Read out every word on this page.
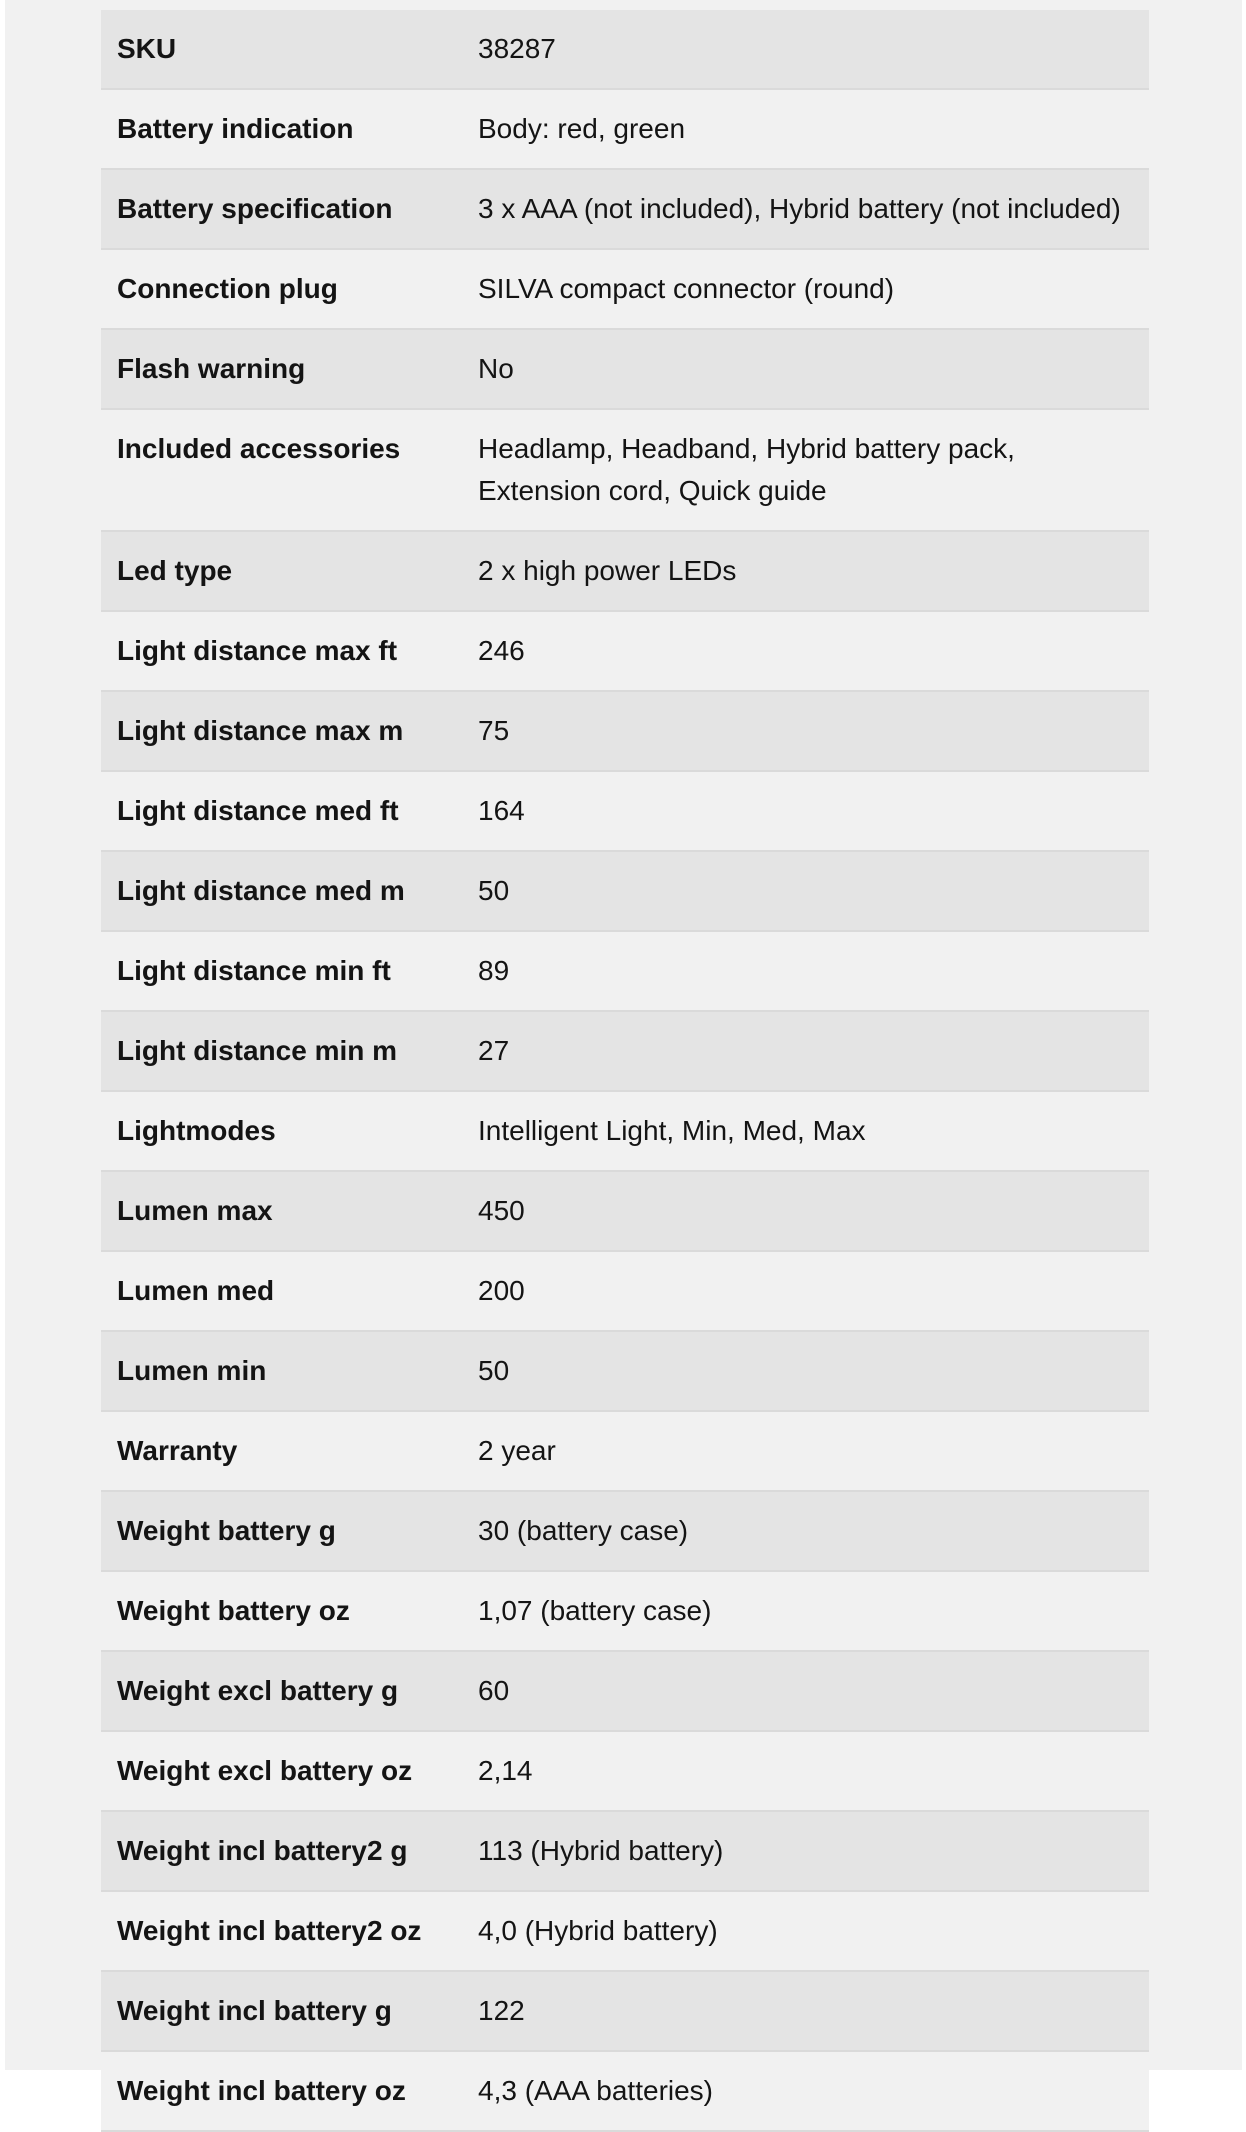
SKU	38287
Battery indication	Body: red, green
Battery specification	3 x AAA (not included), Hybrid battery (not included)
Connection plug	SILVA compact connector (round)
Flash warning	No
Included accessories	Headlamp, Headband, Hybrid battery pack, Extension cord, Quick guide
Led type	2 x high power LEDs
Light distance max ft	246
Light distance max m	75
Light distance med ft	164
Light distance med m	50
Light distance min ft	89
Light distance min m	27
Lightmodes	Intelligent Light, Min, Med, Max
Lumen max	450
Lumen med	200
Lumen min	50
Warranty	2 year
Weight battery g	30 (battery case)
Weight battery oz	1,07 (battery case)
Weight excl battery g	60
Weight excl battery oz	2,14
Weight incl battery2 g	113 (Hybrid battery)
Weight incl battery2 oz	4,0 (Hybrid battery)
Weight incl battery g	122
Weight incl battery oz	4,3 (AAA batteries)
